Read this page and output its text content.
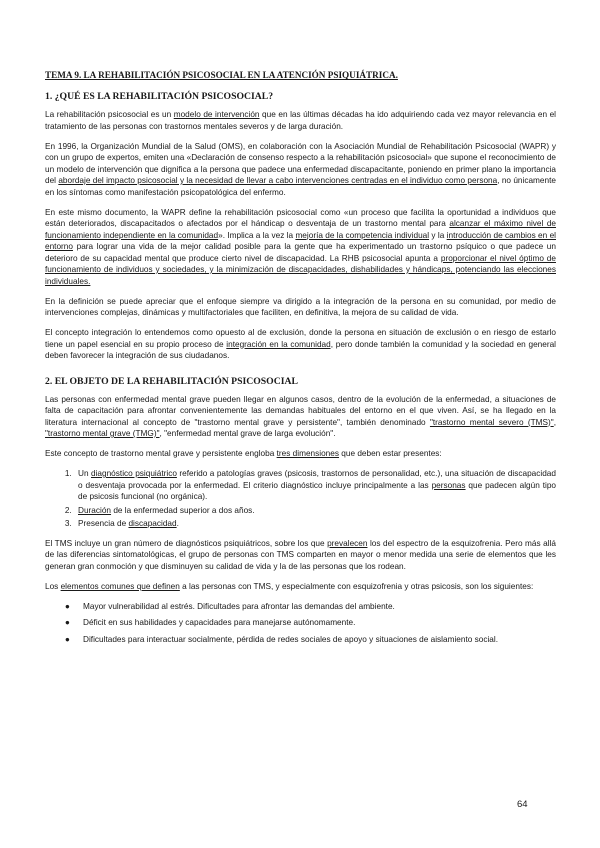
TEMA 9. LA REHABILITACIÓN PSICOSOCIAL EN LA ATENCIÓN PSIQUIÁTRICA.
1. ¿QUÉ ES LA REHABILITACIÓN PSICOSOCIAL?

La rehabilitación psicosocial es un modelo de intervención que en las últimas décadas ha ido adquiriendo cada vez mayor relevancia en el tratamiento de las personas con trastornos mentales severos y de larga duración.

En 1996, la Organización Mundial de la Salud (OMS), en colaboración con la Asociación Mundial de Rehabilitación Psicosocial (WAPR) y con un grupo de expertos, emiten una «Declaración de consenso respecto a la rehabilitación psicosocial» que supone el reconocimiento de un modelo de intervención que dignifica a la persona que padece una enfermedad discapacitante, poniendo en primer plano la importancia del abordaje del impacto psicosocial y la necesidad de llevar a cabo intervenciones centradas en el individuo como persona, no únicamente en los síntomas como manifestación psicopatológica del enfermo.

En este mismo documento, la WAPR define la rehabilitación psicosocial como «un proceso que facilita la oportunidad a individuos que están deteriorados, discapacitados o afectados por el hándicap o desventaja de un trastorno mental para alcanzar el máximo nivel de funcionamiento independiente en la comunidad». Implica a la vez la mejoría de la competencia individual y la introducción de cambios en el entorno para lograr una vida de la mejor calidad posible para la gente que ha experimentado un trastorno psíquico o que padece un deterioro de su capacidad mental que produce cierto nivel de discapacidad. La RHB psicosocial apunta a proporcionar el nivel óptimo de funcionamiento de individuos y sociedades, y la minimización de discapacidades, dishabilidades y hándicaps, potenciando las elecciones individuales.

En la definición se puede apreciar que el enfoque siempre va dirigido a la integración de la persona en su comunidad, por medio de intervenciones complejas, dinámicas y multifactoriales que faciliten, en definitiva, la mejora de su calidad de vida.

El concepto integración lo entendemos como opuesto al de exclusión, donde la persona en situación de exclusión o en riesgo de estarlo tiene un papel esencial en su propio proceso de integración en la comunidad, pero donde también la comunidad y la sociedad en general deben favorecer la integración de sus ciudadanos.

2. EL OBJETO DE LA REHABILITACIÓN PSICOSOCIAL

Las personas con enfermedad mental grave pueden llegar en algunos casos, dentro de la evolución de la enfermedad, a situaciones de falta de capacitación para afrontar convenientemente las demandas habituales del entorno en el que viven. Así, se ha llegado en la literatura internacional al concepto de "trastorno mental grave y persistente", también denominado "trastorno mental severo (TMS)", "trastorno mental grave (TMG)", "enfermedad mental grave de larga evolución".

Este concepto de trastorno mental grave y persistente engloba tres dimensiones que deben estar presentes:

1. Un diagnóstico psiquiátrico referido a patologías graves (psicosis, trastornos de personalidad, etc.), una situación de discapacidad o desventaja provocada por la enfermedad. El criterio diagnóstico incluye principalmente a las personas que padecen algún tipo de psicosis funcional (no orgánica).
2. Duración de la enfermedad superior a dos años.
3. Presencia de discapacidad.

El TMS incluye un gran número de diagnósticos psiquiátricos, sobre los que prevalecen los del espectro de la esquizofrenia. Pero más allá de las diferencias sintomatológicas, el grupo de personas con TMS comparten en mayor o menor medida una serie de elementos que les generan gran conmoción y que disminuyen su calidad de vida y la de las personas que los rodean.

Los elementos comunes que definen a las personas con TMS, y especialmente con esquizofrenia y otras psicosis, son los siguientes:

● Mayor vulnerabilidad al estrés. Dificultades para afrontar las demandas del ambiente.
● Déficit en sus habilidades y capacidades para manejarse autónomamente.
● Dificultades para interactuar socialmente, pérdida de redes sociales de apoyo y situaciones de aislamiento social.
64
